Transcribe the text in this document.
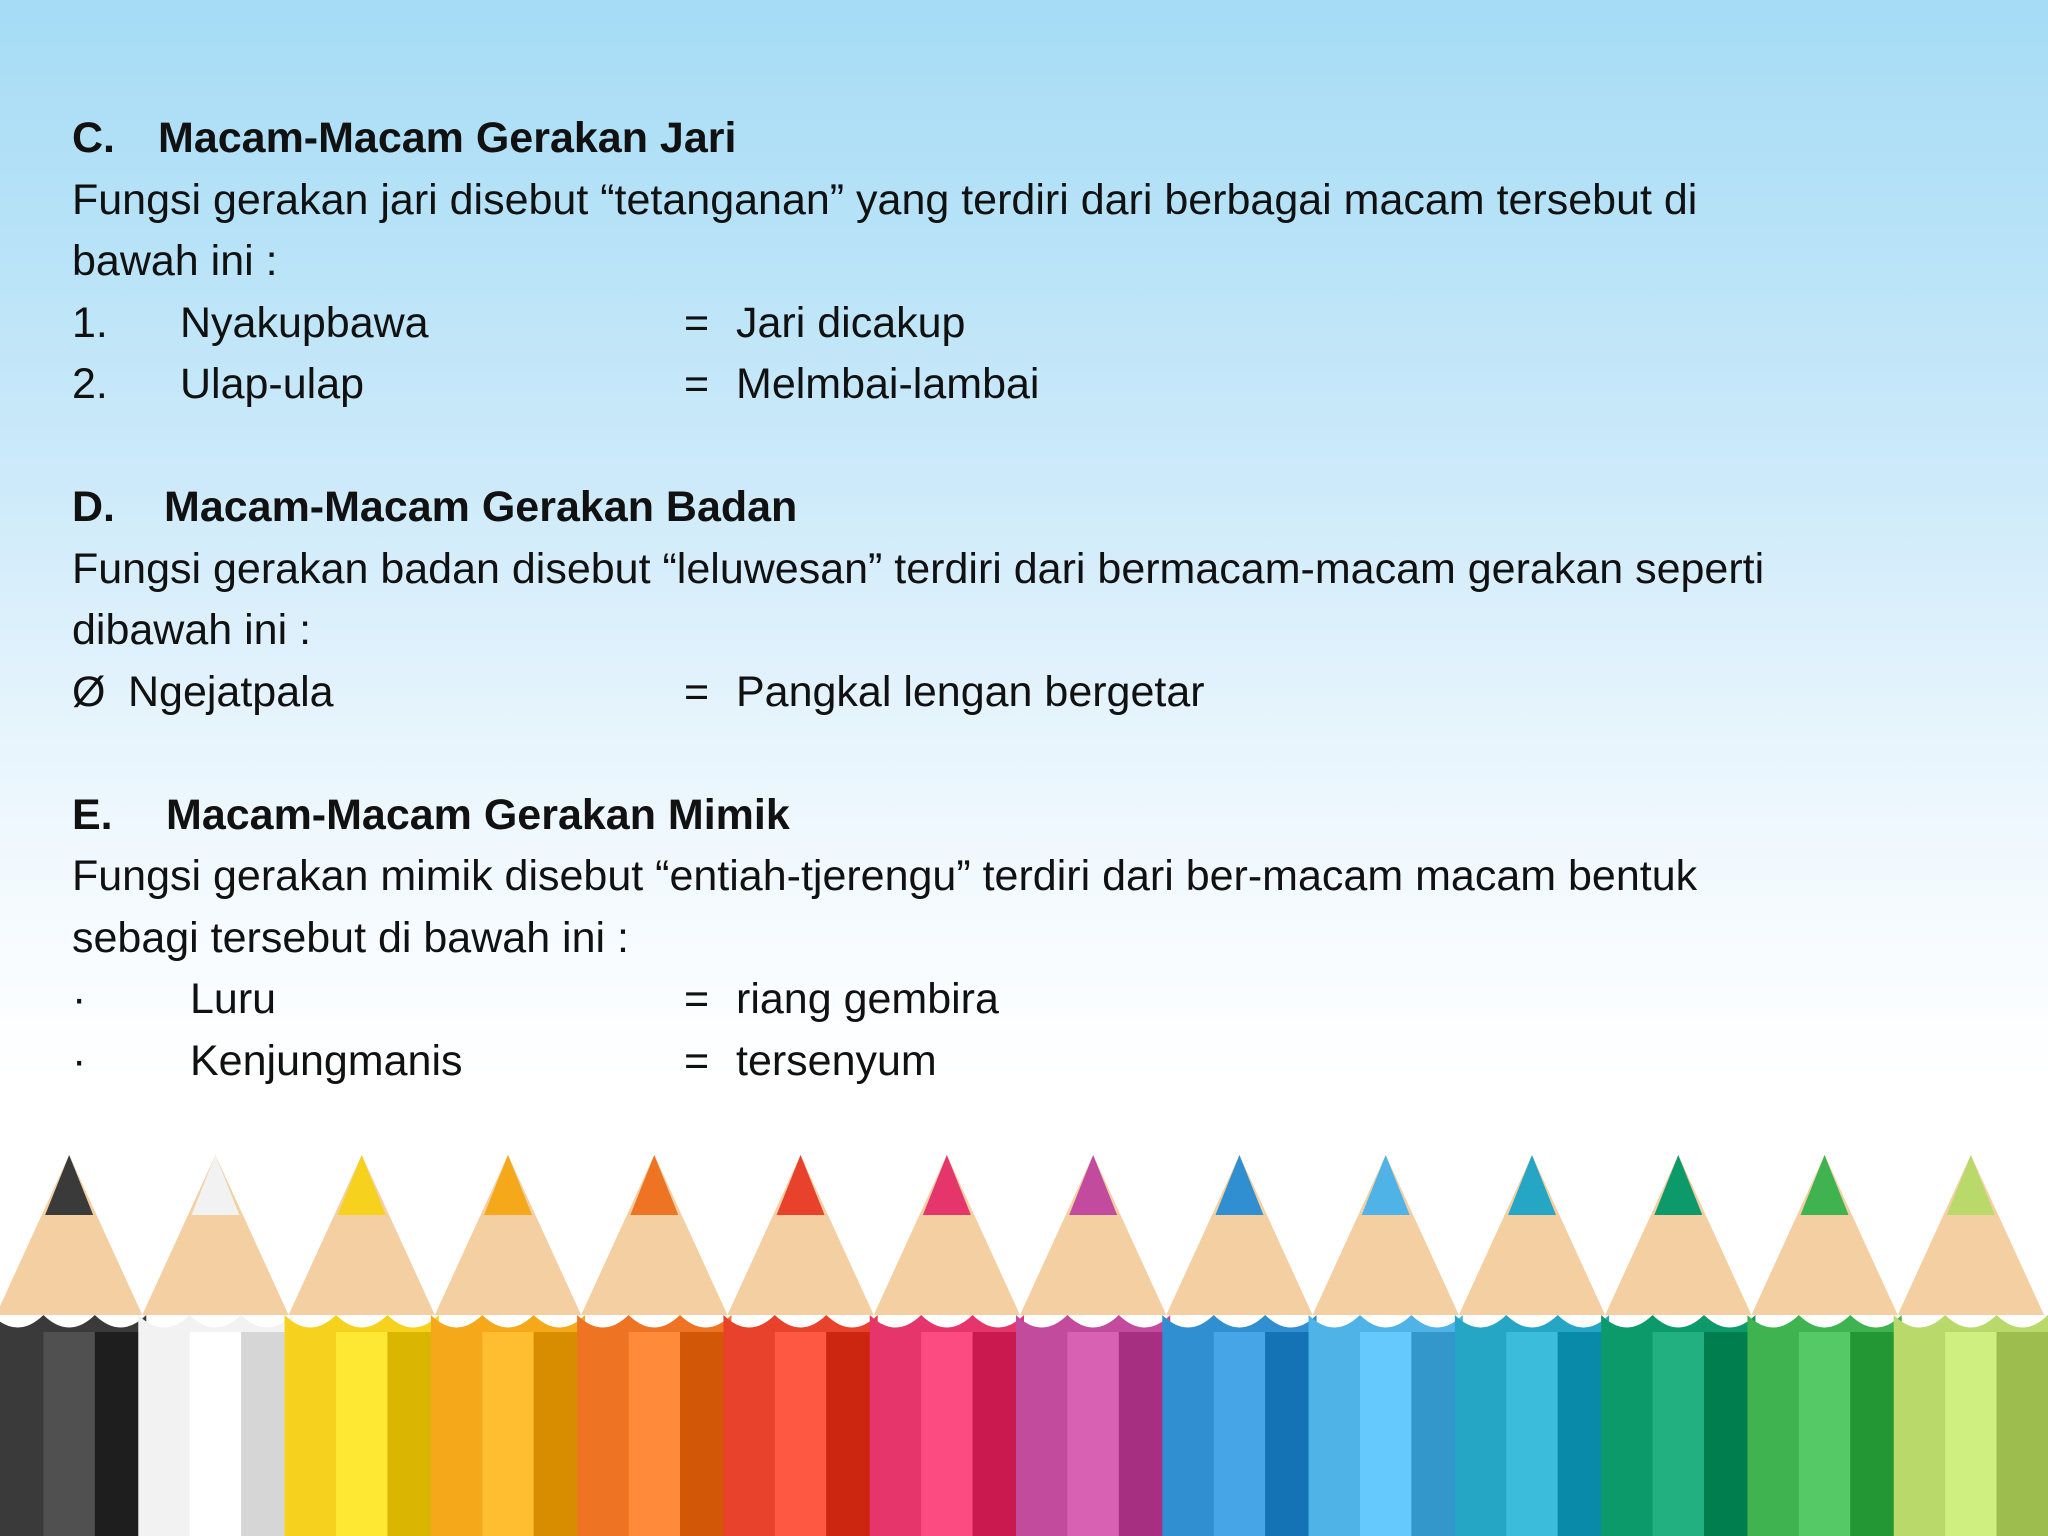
C. Macam-Macam Gerakan Jari
Fungsi gerakan jari disebut “tetanganan” yang terdiri dari berbagai macam tersebut di
bawah ini :
1. Nyakupbawa	= Jari dicakup
2. Ulap-ulap	= Melmbai-lambai
D. Macam-Macam Gerakan Badan
Fungsi gerakan badan disebut “leluwesan” terdiri dari bermacam-macam gerakan seperti
dibawah ini :
Ø Ngejatpala	= Pangkal lengan bergetar
E. Macam-Macam Gerakan Mimik
Fungsi gerakan mimik disebut “entiah-tjerengu” terdiri dari ber-macam macam bentuk
sebagi tersebut di bawah ini :
· Luru	= riang gembira
· Kenjungmanis	= tersenyum
